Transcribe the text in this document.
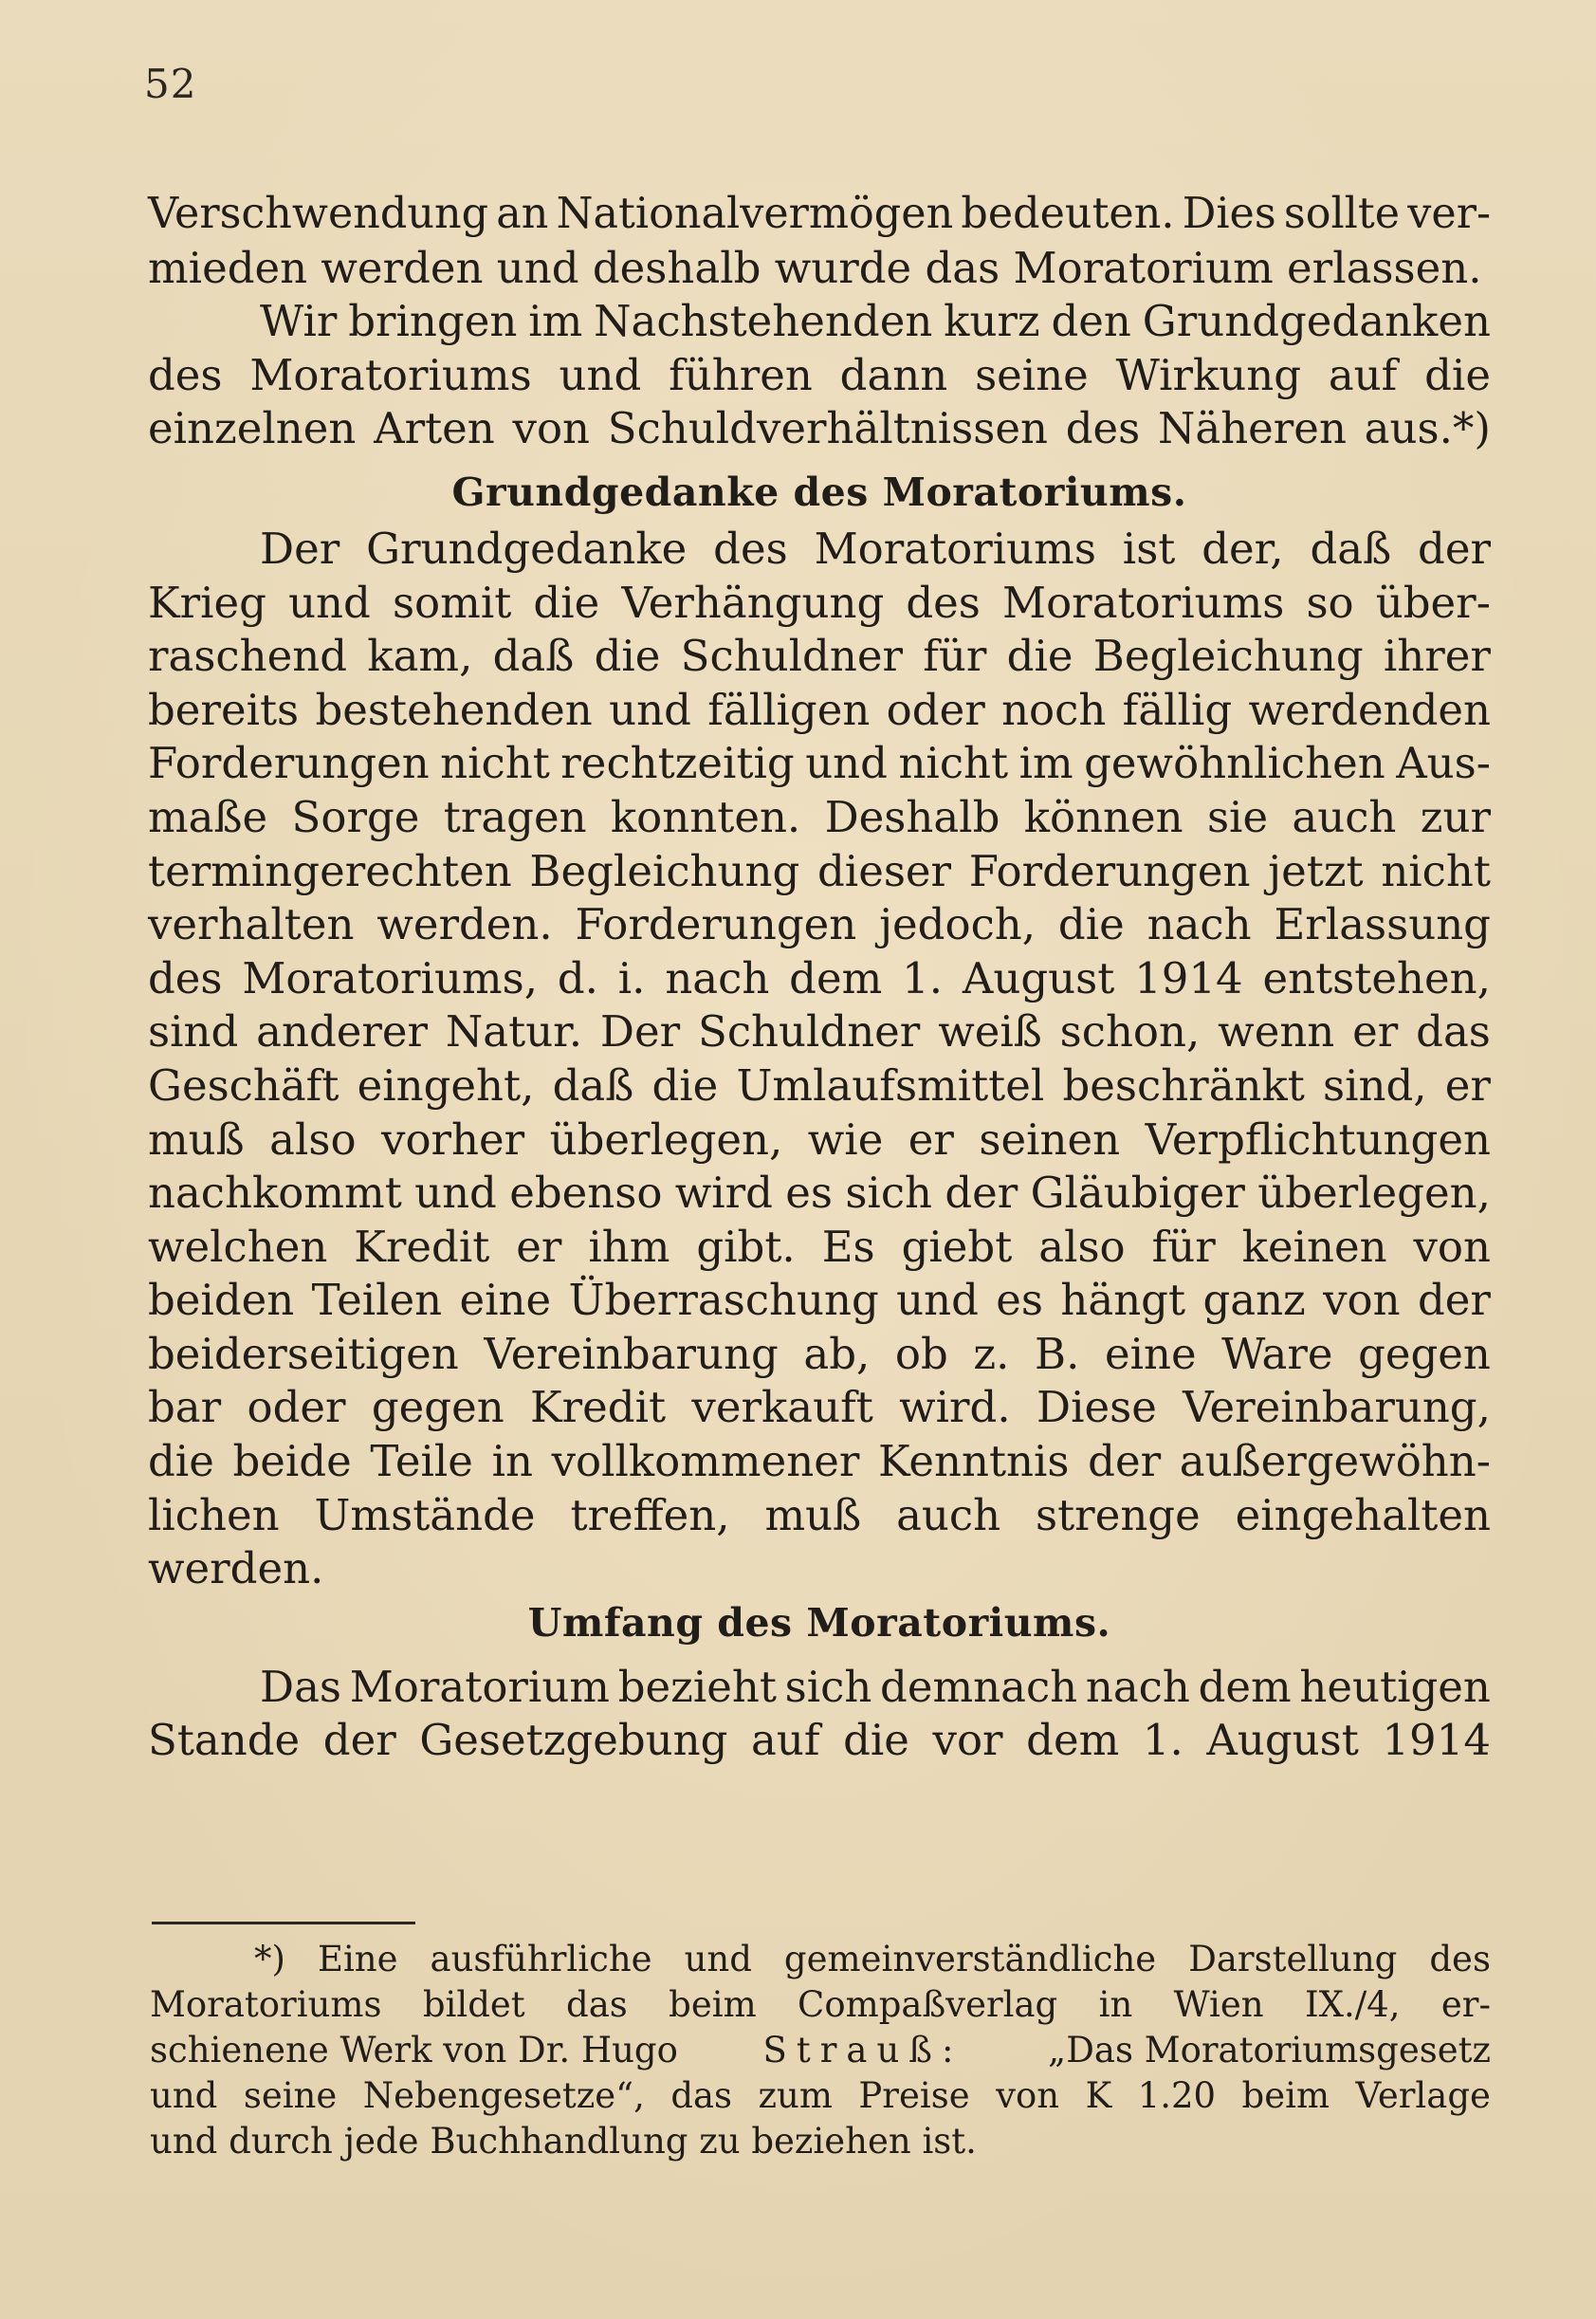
52
Verschwendung an Nationalvermögen bedeuten. Dies sollte ver-
mieden werden und deshalb wurde das Moratorium erlassen.
Wir bringen im Nachstehenden kurz den Grundgedanken
des Moratoriums und führen dann seine Wirkung auf die
einzelnen Arten von Schuldverhältnissen des Näheren aus.*)
Grundgedanke des Moratoriums.
Der Grundgedanke des Moratoriums ist der, daß der
Krieg und somit die Verhängung des Moratoriums so über-
raschend kam, daß die Schuldner für die Begleichung ihrer
bereits bestehenden und fälligen oder noch fällig werdenden
Forderungen nicht rechtzeitig und nicht im gewöhnlichen Aus-
maße Sorge tragen konnten. Deshalb können sie auch zur
termingerechten Begleichung dieser Forderungen jetzt nicht
verhalten werden. Forderungen jedoch, die nach Erlassung
des Moratoriums, d. i. nach dem 1. August 1914 entstehen,
sind anderer Natur. Der Schuldner weiß schon, wenn er das
Geschäft eingeht, daß die Umlaufsmittel beschränkt sind, er
muß also vorher überlegen, wie er seinen Verpflichtungen
nachkommt und ebenso wird es sich der Gläubiger überlegen,
welchen Kredit er ihm gibt. Es giebt also für keinen von
beiden Teilen eine Überraschung und es hängt ganz von der
beiderseitigen Vereinbarung ab, ob z. B. eine Ware gegen
bar oder gegen Kredit verkauft wird. Diese Vereinbarung,
die beide Teile in vollkommener Kenntnis der außergewöhn-
lichen Umstände treffen, muß auch strenge eingehalten
werden.
Umfang des Moratoriums.
Das Moratorium bezieht sich demnach nach dem heutigen
Stande der Gesetzgebung auf die vor dem 1. August 1914
*) Eine ausführliche und gemeinverständliche Darstellung des
Moratoriums bildet das beim Compaßverlag in Wien IX./4, er-
schienene Werk von Dr. Hugo Strauß: „Das Moratoriumsgesetz
und seine Nebengesetze“, das zum Preise von K 1.20 beim Verlage
und durch jede Buchhandlung zu beziehen ist.
